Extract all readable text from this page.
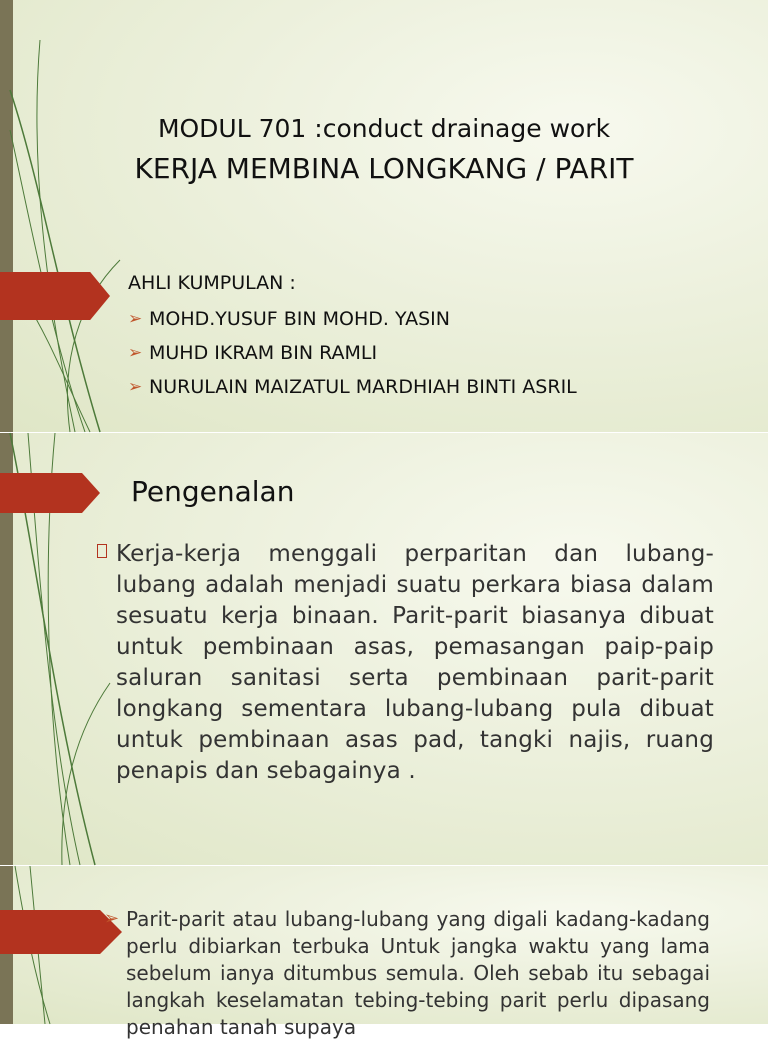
MODUL 701 :conduct drainage work
KERJA MEMBINA LONGKANG / PARIT
AHLI KUMPULAN :
➢ MOHD.YUSUF BIN MOHD. YASIN
➢ MUHD IKRAM BIN RAMLI
➢ NURULAIN MAIZATUL MARDHIAH BINTI ASRIL
Pengenalan

Kerja-kerja menggali perparitan dan lubang-lubang adalah menjadi suatu perkara biasa dalam sesuatu kerja binaan. Parit-parit biasanya dibuat untuk pembinaan asas, pemasangan paip-paip saluran sanitasi serta pembinaan parit-parit longkang sementara lubang-lubang pula dibuat untuk pembinaan asas pad, tangki najis, ruang penapis dan sebagainya .

➢ Parit-parit atau lubang-lubang yang digali kadang-kadang perlu dibiarkan terbuka Untuk jangka waktu yang lama sebelum ianya ditumbus semula. Oleh sebab itu sebagai langkah keselamatan tebing-tebing parit perlu dipasang penahan tanah supaya
